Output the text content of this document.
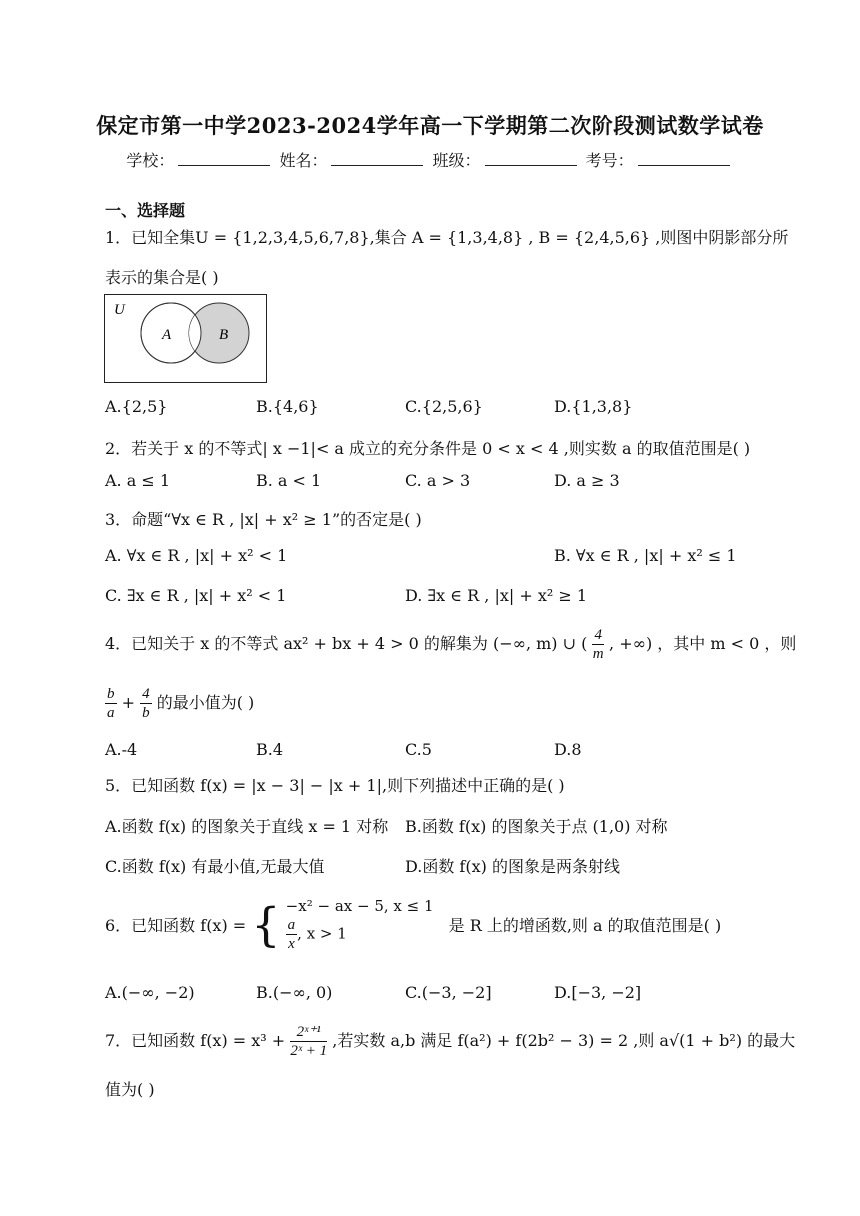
保定市第一中学2023-2024学年高一下学期第二次阶段测试数学试卷
学校：	姓名：	班级：	考号：
一、选择题
1．已知全集U = {1,2,3,4,5,6,7,8},集合 A = {1,3,4,8} , B = {2,4,5,6} ,则图中阴影部分所
表示的集合是( )
U
A	B
A.{2,5}	B.{4,6}	C.{2,5,6}	D.{1,3,8}
2．若关于 x 的不等式| x −1|< a 成立的充分条件是 0 < x < 4 ,则实数 a 的取值范围是( )
A. a ≤ 1	B. a < 1	C. a > 3	D. a ≥ 3
3．命题“∀x ∈ R , |x| + x² ≥ 1”的否定是( )
A. ∀x ∈ R , |x| + x² < 1	B. ∀x ∈ R , |x| + x² ≤ 1
C. ∃x ∈ R , |x| + x² < 1	D. ∃x ∈ R , |x| + x² ≥ 1
4．已知关于 x 的不等式 ax² + bx + 4 > 0 的解集为 (−∞, m) ∪ ( $\frac{4}{m}$ , +∞) ，其中 m < 0 ，则
$\frac{b}{a} + \frac{4}{b}$ 的最小值为( )
A.-4	B.4	C.5	D.8
5．已知函数 f(x) = |x − 3| − |x + 1|,则下列描述中正确的是( )
A.函数 f(x) 的图象关于直线 x = 1 对称 B.函数 f(x) 的图象关于点 (1,0) 对称
C.函数 f(x) 有最小值,无最大值	D.函数 f(x) 的图象是两条射线
6．已知函数 f(x) = { −x² − ax − 5, x ≤ 1
$\frac{a}{x}$ , x > 1	是 R 上的增函数,则 a 的取值范围是( )
A.(−∞, −2)	B.(−∞, 0)	C.(−3, −2]	D.[−3, −2]
7．已知函数 $f(x) = x^3 + \frac{\text{2ˣ⁺¹}}{\text{2ˣ + 1}}$ ,若实数 a,b 满足 f(a²) + f(2b² − 3) = 2 ,则 a√(1 + b²) 的最大
值为( )
